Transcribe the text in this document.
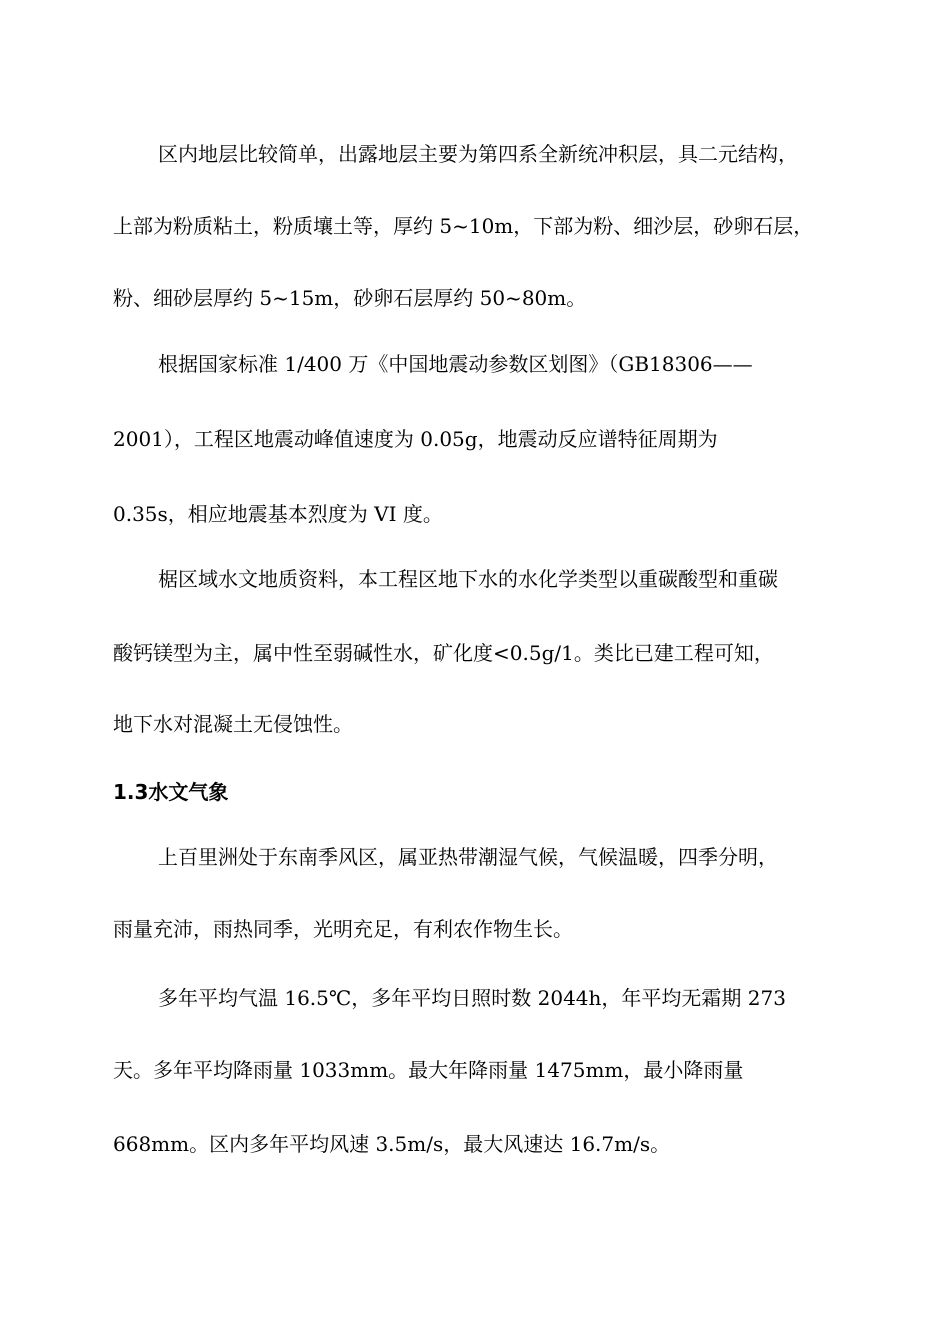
区内地层比较简单，出露地层主要为第四系全新统冲积层，具二元结构，
上部为粉质粘土，粉质壤土等，厚约 5~10m，下部为粉、细沙层，砂卵石层，
粉、细砂层厚约 5~15m，砂卵石层厚约 50~80m。
根据国家标准 1/400 万《中国地震动参数区划图》（GB18306——
2001），工程区地震动峰值速度为 0.05g，地震动反应谱特征周期为
0.35s，相应地震基本烈度为 VI 度。
椐区域水文地质资料，本工程区地下水的水化学类型以重碳酸型和重碳
酸钙镁型为主，属中性至弱碱性水，矿化度<0.5g/1。类比已建工程可知，
地下水对混凝土无侵蚀性。
1.3水文气象
上百里洲处于东南季风区，属亚热带潮湿气候，气候温暖，四季分明，
雨量充沛，雨热同季，光明充足，有利农作物生长。
多年平均气温 16.5℃，多年平均日照时数 2044h，年平均无霜期 273
天。多年平均降雨量 1033mm。最大年降雨量 1475mm，最小降雨量
668mm。区内多年平均风速 3.5m/s，最大风速达 16.7m/s。
